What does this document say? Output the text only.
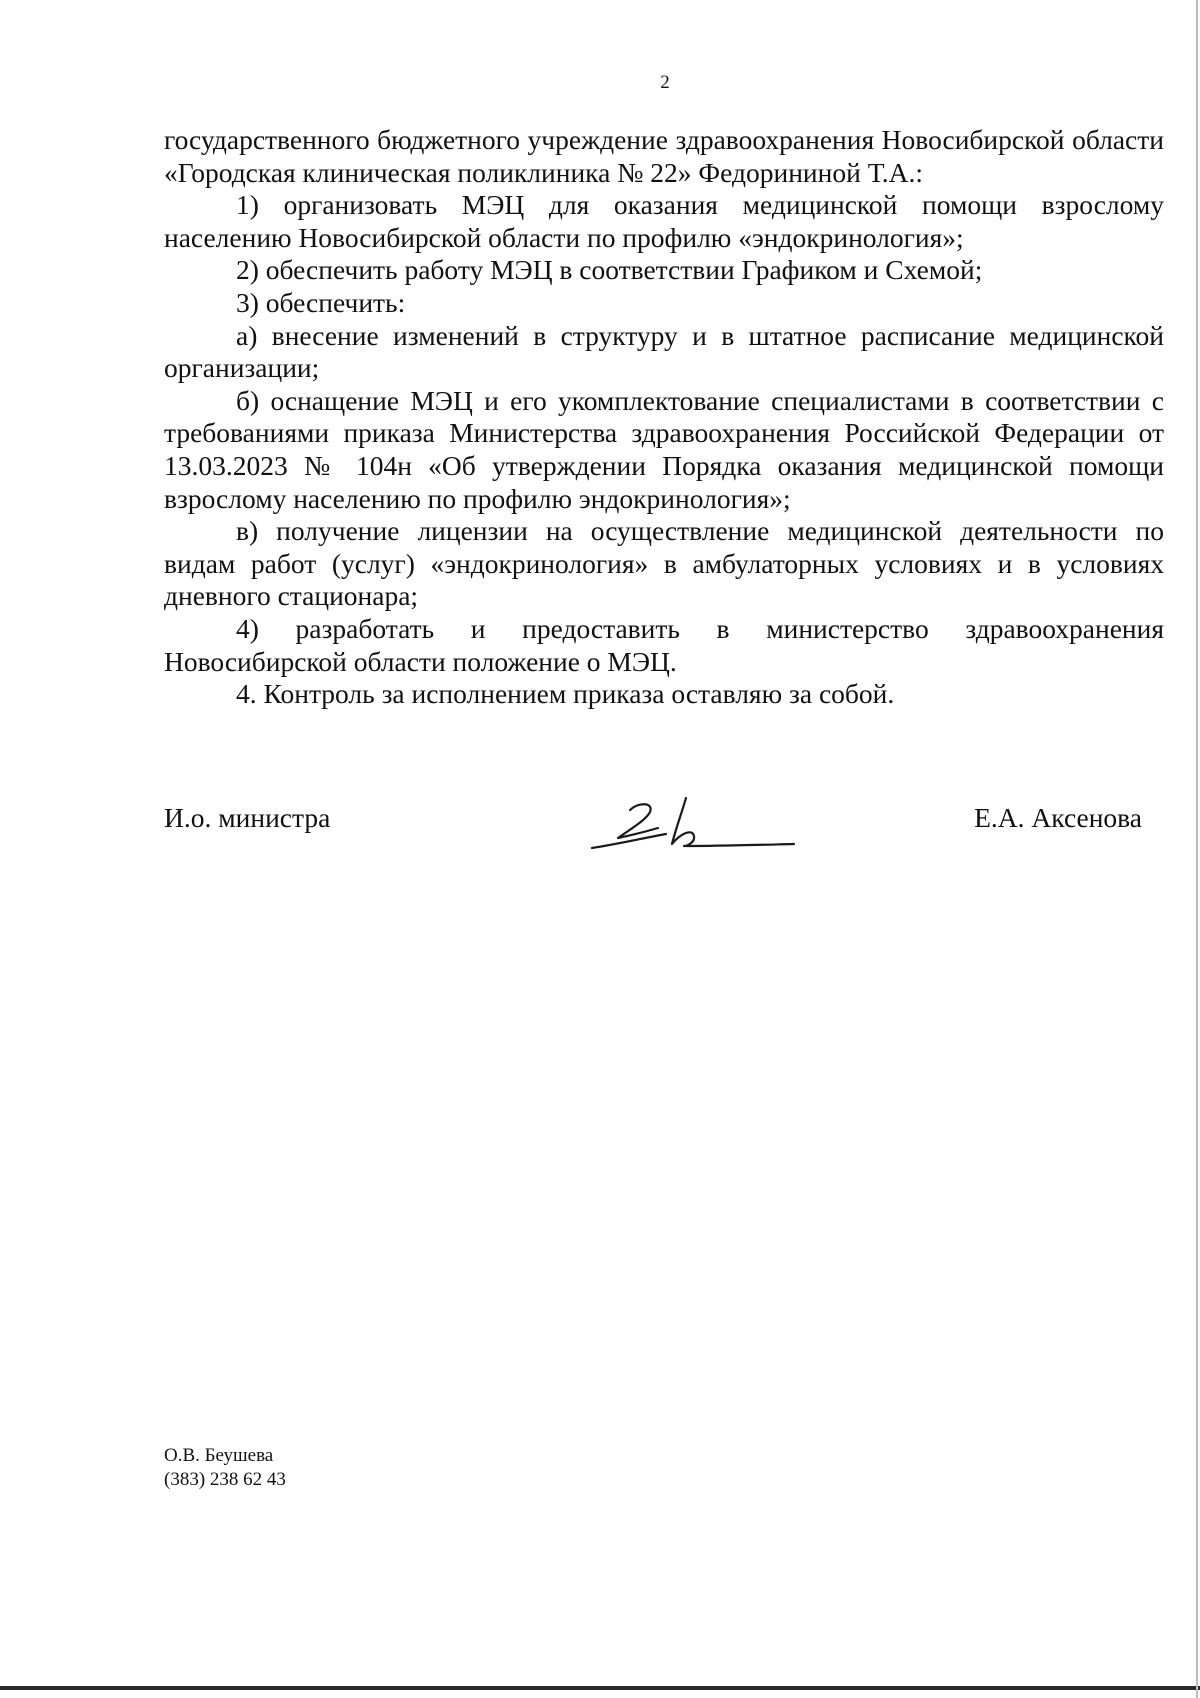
2

государственного бюджетного учреждение здравоохранения Новосибирской области «Городская клиническая поликлиника № 22» Федорининой Т.А.:

1) организовать МЭЦ для оказания медицинской помощи взрослому населению Новосибирской области по профилю «эндокринология»;

2) обеспечить работу МЭЦ в соответствии Графиком и Схемой;

3) обеспечить:

а) внесение изменений в структуру и в штатное расписание медицинской организации;

б) оснащение МЭЦ и его укомплектование специалистами в соответствии с требованиями приказа Министерства здравоохранения Российской Федерации от 13.03.2023 № 104н «Об утверждении Порядка оказания медицинской помощи взрослому населению по профилю эндокринология»;

в) получение лицензии на осуществление медицинской деятельности по видам работ (услуг) «эндокринология» в амбулаторных условиях и в условиях дневного стационара;

4) разработать и предоставить в министерство здравоохранения Новосибирской области положение о МЭЦ.

4. Контроль за исполнением приказа оставляю за собой.

И.о. министра	Е.А. Аксенова
О.В. Беушева
(383) 238 62 43
